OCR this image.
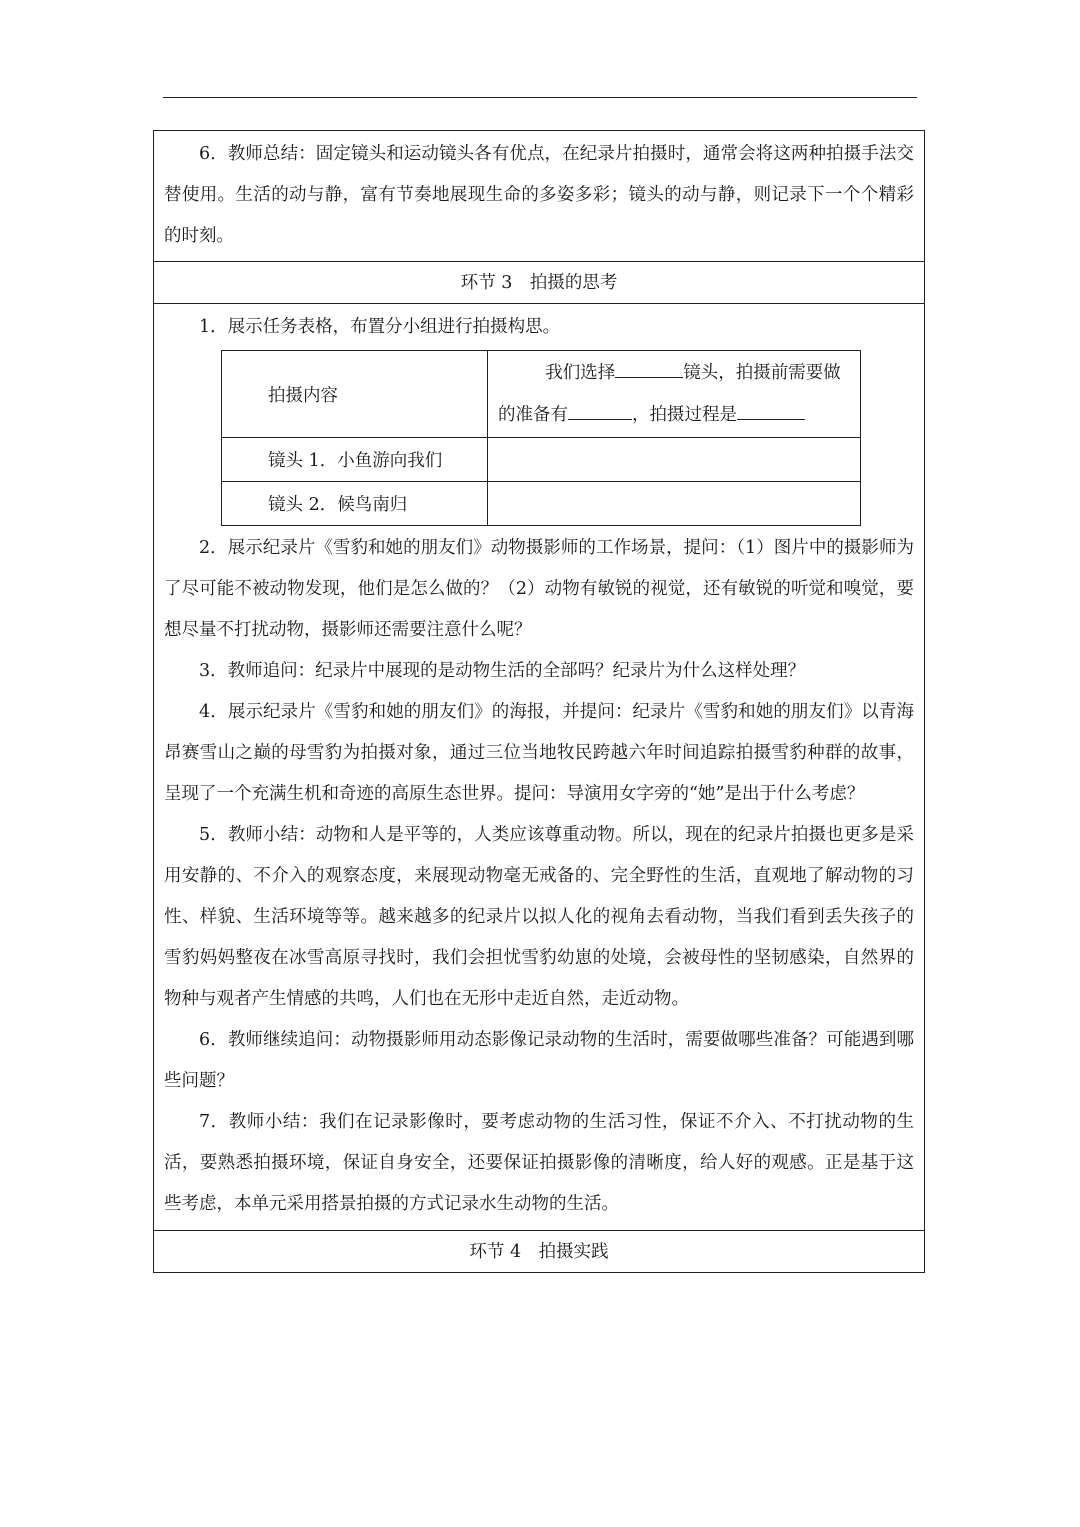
6．教师总结：固定镜头和运动镜头各有优点，在纪录片拍摄时，通常会将这两种拍摄手法交替使用。生活的动与静，富有节奏地展现生命的多姿多彩；镜头的动与静，则记录下一个个精彩的时刻。

环节 3　拍摄的思考

1．展示任务表格，布置分小组进行拍摄构思。

拍摄内容	我们选择 镜头，拍摄前需要做
的准备有 ，拍摄过程是

镜头 1．小鱼游向我们	
镜头 2．候鸟南归	

2．展示纪录片《雪豹和她的朋友们》动物摄影师的工作场景，提问：（1）图片中的摄影师为了尽可能不被动物发现，他们是怎么做的？（2）动物有敏锐的视觉，还有敏锐的听觉和嗅觉，要想尽量不打扰动物，摄影师还需要注意什么呢？

3．教师追问：纪录片中展现的是动物生活的全部吗？纪录片为什么这样处理？

4．展示纪录片《雪豹和她的朋友们》的海报，并提问：纪录片《雪豹和她的朋友们》以青海昂赛雪山之巅的母雪豹为拍摄对象，通过三位当地牧民跨越六年时间追踪拍摄雪豹种群的故事，呈现了一个充满生机和奇迹的高原生态世界。提问：导演用女字旁的“她”是出于什么考虑？

5．教师小结：动物和人是平等的，人类应该尊重动物。所以，现在的纪录片拍摄也更多是采用安静的、不介入的观察态度，来展现动物毫无戒备的、完全野性的生活，直观地了解动物的习性、样貌、生活环境等等。越来越多的纪录片以拟人化的视角去看动物，当我们看到丢失孩子的雪豹妈妈整夜在冰雪高原寻找时，我们会担忧雪豹幼崽的处境，会被母性的坚韧感染，自然界的物种与观者产生情感的共鸣，人们也在无形中走近自然，走近动物。

6．教师继续追问：动物摄影师用动态影像记录动物的生活时，需要做哪些准备？可能遇到哪些问题？

7．教师小结：我们在记录影像时，要考虑动物的生活习性，保证不介入、不打扰动物的生活，要熟悉拍摄环境，保证自身安全，还要保证拍摄影像的清晰度，给人好的观感。正是基于这些考虑，本单元采用搭景拍摄的方式记录水生动物的生活。

环节 4　拍摄实践
